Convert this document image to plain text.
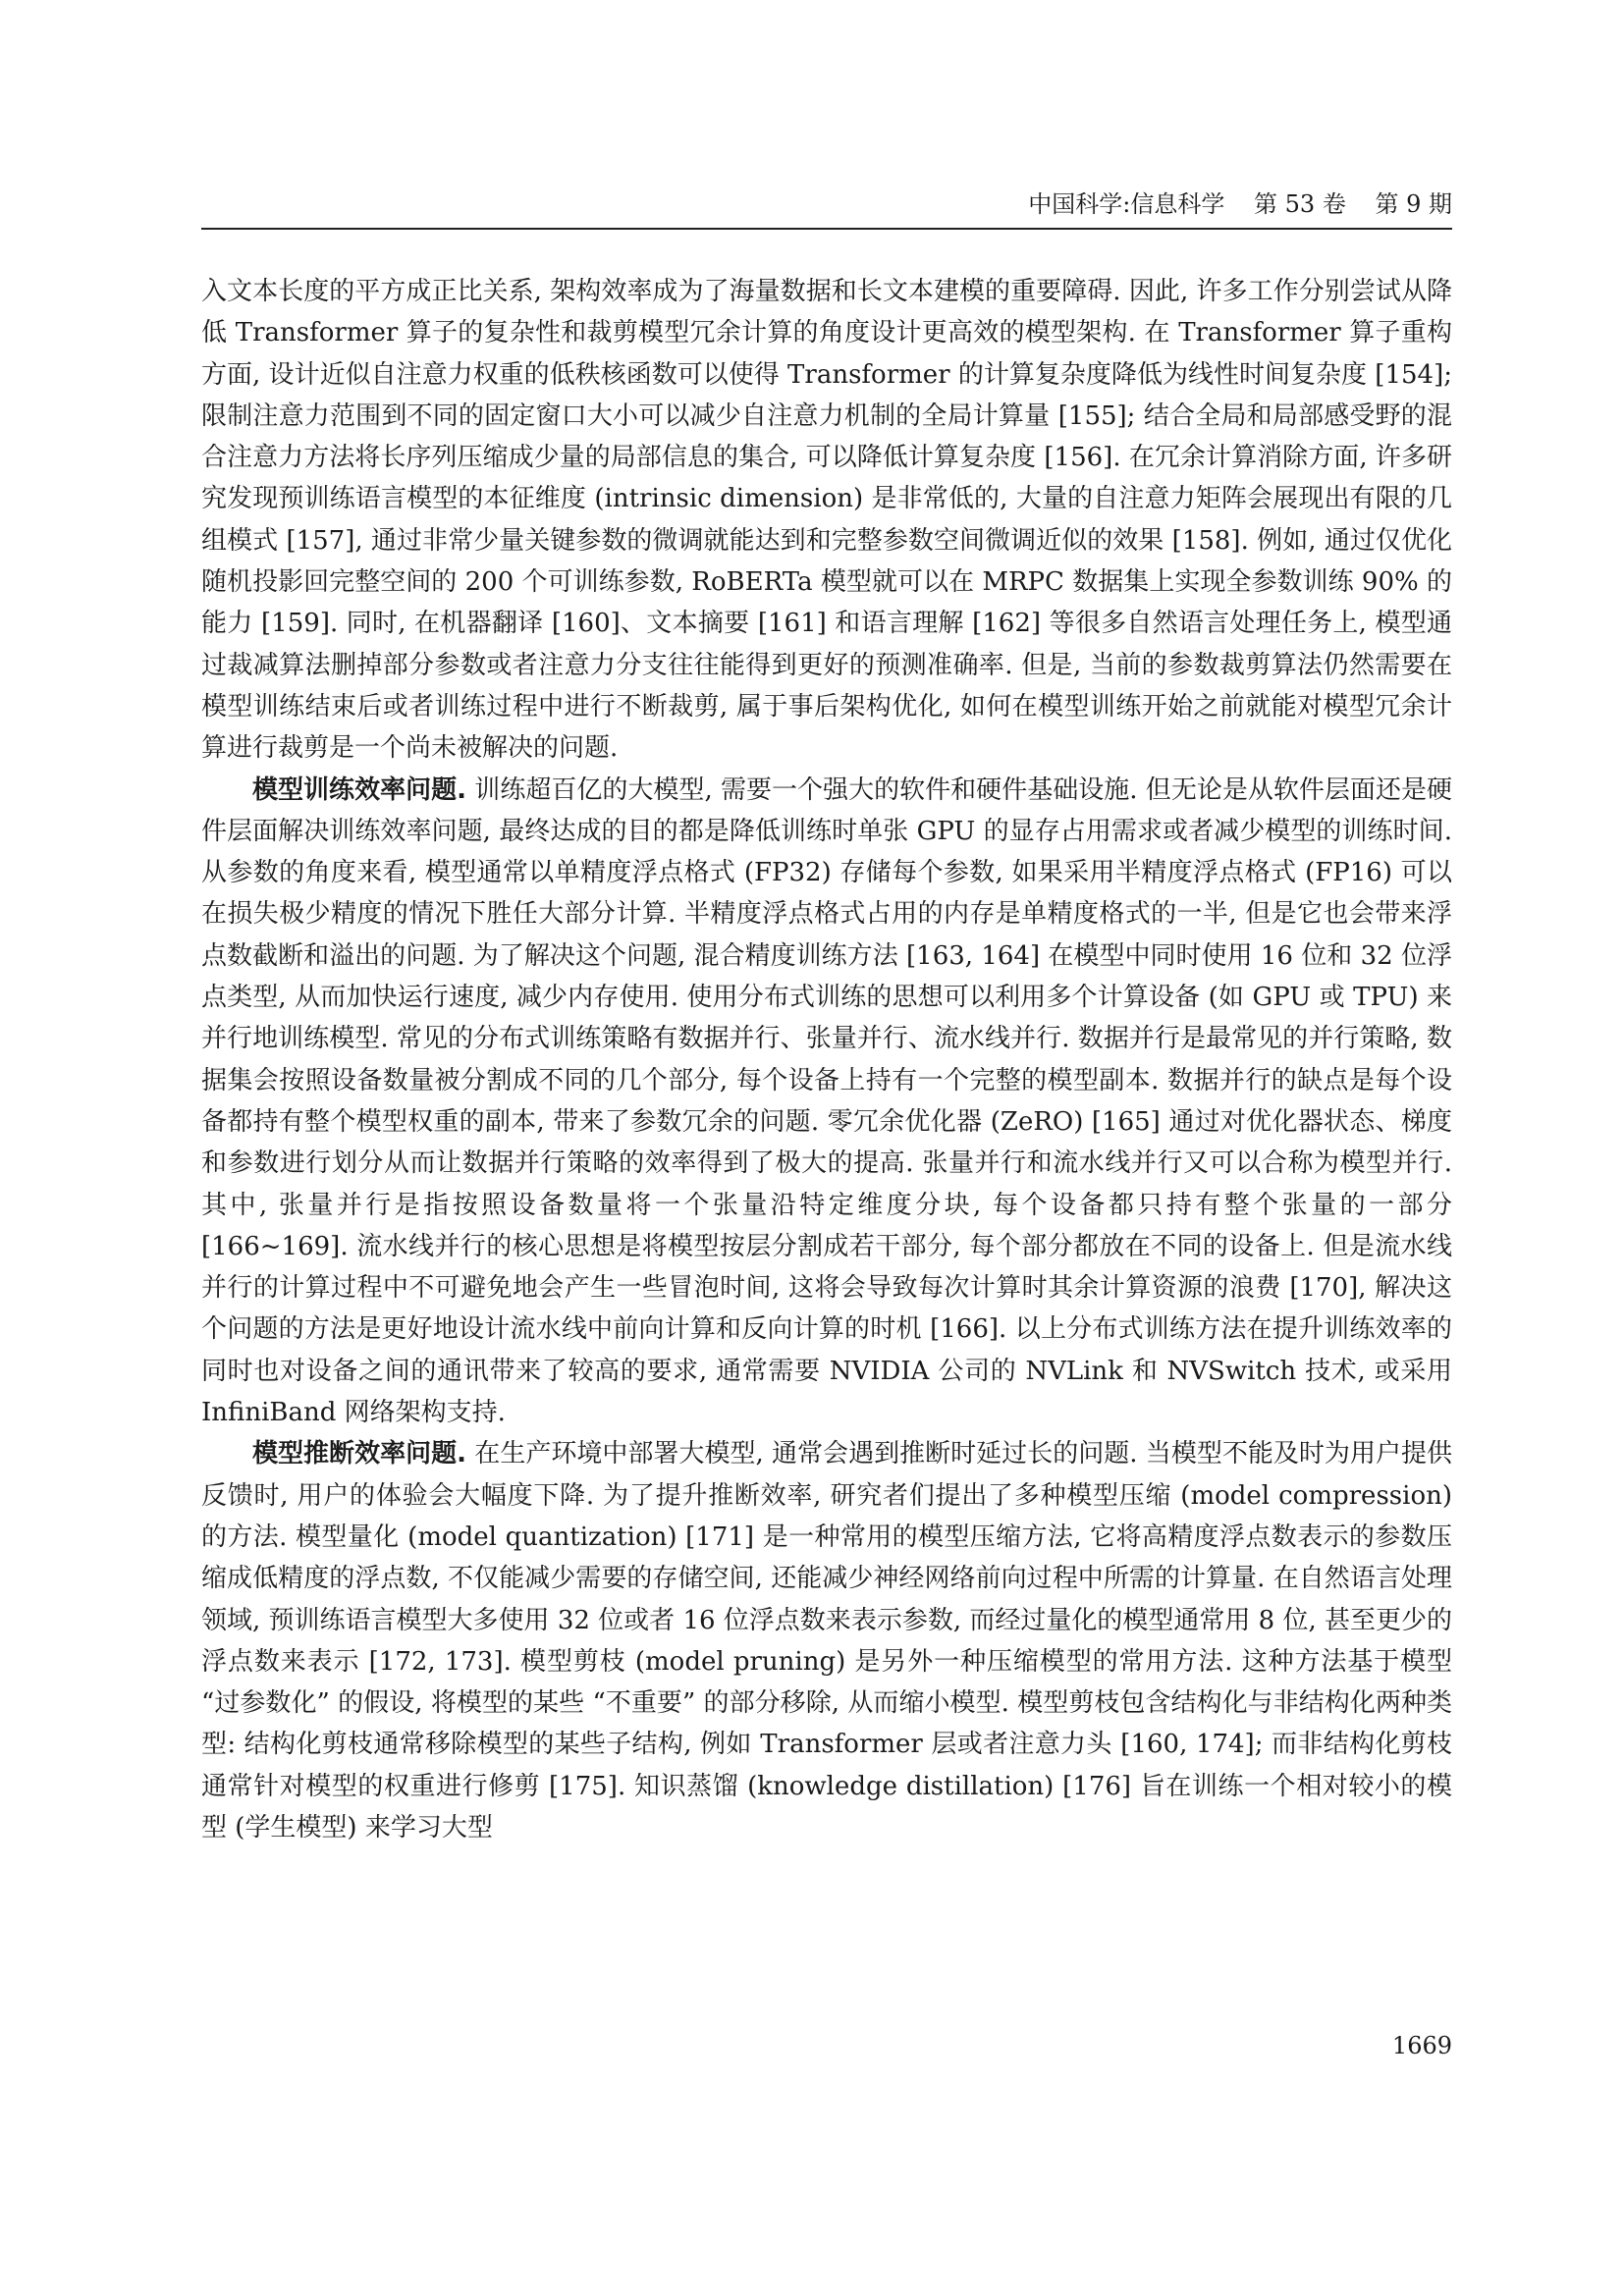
中国科学:信息科学 第 53 卷 第 9 期

入文本长度的平方成正比关系, 架构效率成为了海量数据和长文本建模的重要障碍. 因此, 许多工作分别尝试从降低 Transformer 算子的复杂性和裁剪模型冗余计算的角度设计更高效的模型架构. 在 Transformer 算子重构方面, 设计近似自注意力权重的低秩核函数可以使得 Transformer 的计算复杂度降低为线性时间复杂度 [154]; 限制注意力范围到不同的固定窗口大小可以减少自注意力机制的全局计算量 [155]; 结合全局和局部感受野的混合注意力方法将长序列压缩成少量的局部信息的集合, 可以降低计算复杂度 [156]. 在冗余计算消除方面, 许多研究发现预训练语言模型的本征维度 (intrinsic dimension) 是非常低的, 大量的自注意力矩阵会展现出有限的几组模式 [157], 通过非常少量关键参数的微调就能达到和完整参数空间微调近似的效果 [158]. 例如, 通过仅优化随机投影回完整空间的 200 个可训练参数, RoBERTa 模型就可以在 MRPC 数据集上实现全参数训练 90% 的能力 [159]. 同时, 在机器翻译 [160]、文本摘要 [161] 和语言理解 [162] 等很多自然语言处理任务上, 模型通过裁减算法删掉部分参数或者注意力分支往往能得到更好的预测准确率. 但是, 当前的参数裁剪算法仍然需要在模型训练结束后或者训练过程中进行不断裁剪, 属于事后架构优化, 如何在模型训练开始之前就能对模型冗余计算进行裁剪是一个尚未被解决的问题.

模型训练效率问题. 训练超百亿的大模型, 需要一个强大的软件和硬件基础设施. 但无论是从软件层面还是硬件层面解决训练效率问题, 最终达成的目的都是降低训练时单张 GPU 的显存占用需求或者减少模型的训练时间. 从参数的角度来看, 模型通常以单精度浮点格式 (FP32) 存储每个参数, 如果采用半精度浮点格式 (FP16) 可以在损失极少精度的情况下胜任大部分计算. 半精度浮点格式占用的内存是单精度格式的一半, 但是它也会带来浮点数截断和溢出的问题. 为了解决这个问题, 混合精度训练方法 [163, 164] 在模型中同时使用 16 位和 32 位浮点类型, 从而加快运行速度, 减少内存使用. 使用分布式训练的思想可以利用多个计算设备 (如 GPU 或 TPU) 来并行地训练模型. 常见的分布式训练策略有数据并行、张量并行、流水线并行. 数据并行是最常见的并行策略, 数据集会按照设备数量被分割成不同的几个部分, 每个设备上持有一个完整的模型副本. 数据并行的缺点是每个设备都持有整个模型权重的副本, 带来了参数冗余的问题. 零冗余优化器 (ZeRO) [165] 通过对优化器状态、梯度和参数进行划分从而让数据并行策略的效率得到了极大的提高. 张量并行和流水线并行又可以合称为模型并行. 其中, 张量并行是指按照设备数量将一个张量沿特定维度分块, 每个设备都只持有整个张量的一部分 [166~169]. 流水线并行的核心思想是将模型按层分割成若干部分, 每个部分都放在不同的设备上. 但是流水线并行的计算过程中不可避免地会产生一些冒泡时间, 这将会导致每次计算时其余计算资源的浪费 [170], 解决这个问题的方法是更好地设计流水线中前向计算和反向计算的时机 [166]. 以上分布式训练方法在提升训练效率的同时也对设备之间的通讯带来了较高的要求, 通常需要 NVIDIA 公司的 NVLink 和 NVSwitch 技术, 或采用 InfiniBand 网络架构支持.

模型推断效率问题. 在生产环境中部署大模型, 通常会遇到推断时延过长的问题. 当模型不能及时为用户提供反馈时, 用户的体验会大幅度下降. 为了提升推断效率, 研究者们提出了多种模型压缩 (model compression) 的方法. 模型量化 (model quantization) [171] 是一种常用的模型压缩方法, 它将高精度浮点数表示的参数压缩成低精度的浮点数, 不仅能减少需要的存储空间, 还能减少神经网络前向过程中所需的计算量. 在自然语言处理领域, 预训练语言模型大多使用 32 位或者 16 位浮点数来表示参数, 而经过量化的模型通常用 8 位, 甚至更少的浮点数来表示 [172, 173]. 模型剪枝 (model pruning) 是另外一种压缩模型的常用方法. 这种方法基于模型 “过参数化” 的假设, 将模型的某些 “不重要” 的部分移除, 从而缩小模型. 模型剪枝包含结构化与非结构化两种类型: 结构化剪枝通常移除模型的某些子结构, 例如 Transformer 层或者注意力头 [160, 174]; 而非结构化剪枝通常针对模型的权重进行修剪 [175]. 知识蒸馏 (knowledge distillation) [176] 旨在训练一个相对较小的模型 (学生模型) 来学习大型

1669
